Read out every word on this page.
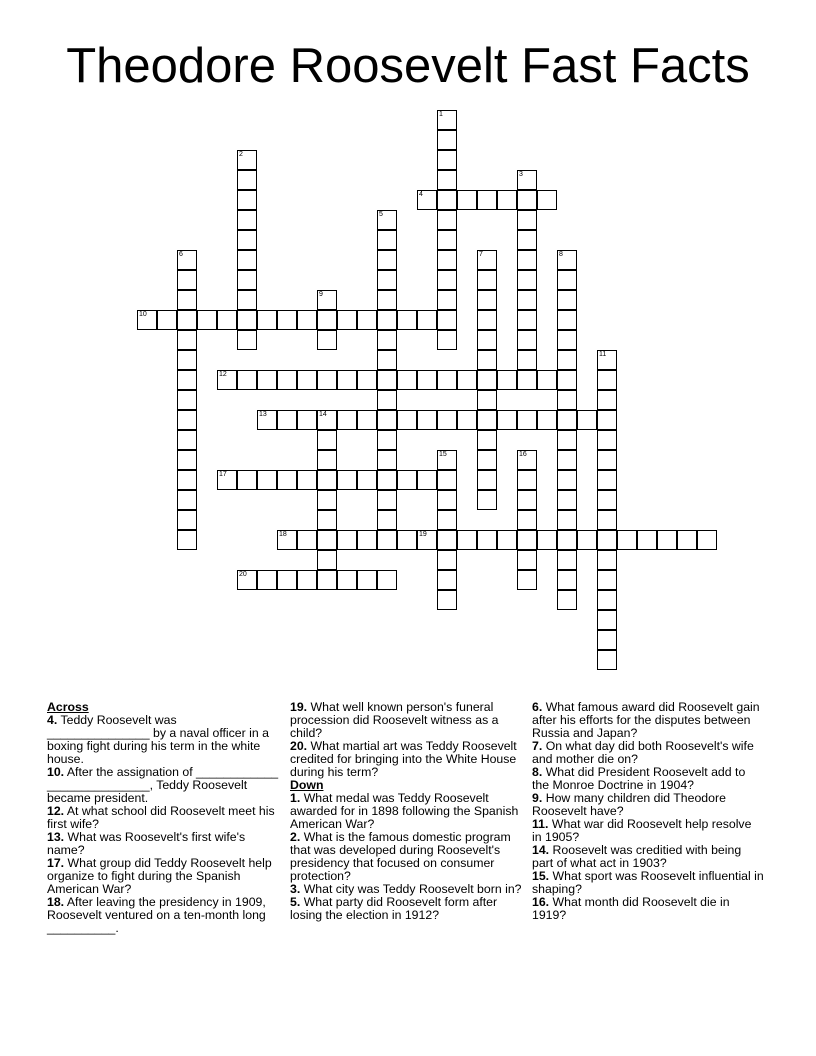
Theodore Roosevelt Fast Facts
1
2
3
4
5
6	7	8
9
10
11
12
13	14
15	16
17
18	19
20
Across
4. Teddy Roosevelt was _______________ by a naval officer in a boxing fight during his term in the white house.
10. After the assignation of ____________ _______________, Teddy Roosevelt became president.
12. At what school did Roosevelt meet his first wife?
13. What was Roosevelt's first wife's name?
17. What group did Teddy Roosevelt help organize to fight during the Spanish American War?
18. After leaving the presidency in 1909, Roosevelt ventured on a ten-month long __________.
19. What well known person's funeral procession did Roosevelt witness as a child?
20. What martial art was Teddy Roosevelt credited for bringing into the White House during his term?
Down
1. What medal was Teddy Roosevelt awarded for in 1898 following the Spanish American War?
2. What is the famous domestic program that was developed during Roosevelt's presidency that focused on consumer protection?
3. What city was Teddy Roosevelt born in?
5. What party did Roosevelt form after losing the election in 1912?
6. What famous award did Roosevelt gain after his efforts for the disputes between Russia and Japan?
7. On what day did both Roosevelt's wife and mother die on?
8. What did President Roosevelt add to the Monroe Doctrine in 1904?
9. How many children did Theodore Roosevelt have?
11. What war did Roosevelt help resolve in 1905?
14. Roosevelt was creditied with being part of what act in 1903?
15. What sport was Roosevelt influential in shaping?
16. What month did Roosevelt die in 1919?
